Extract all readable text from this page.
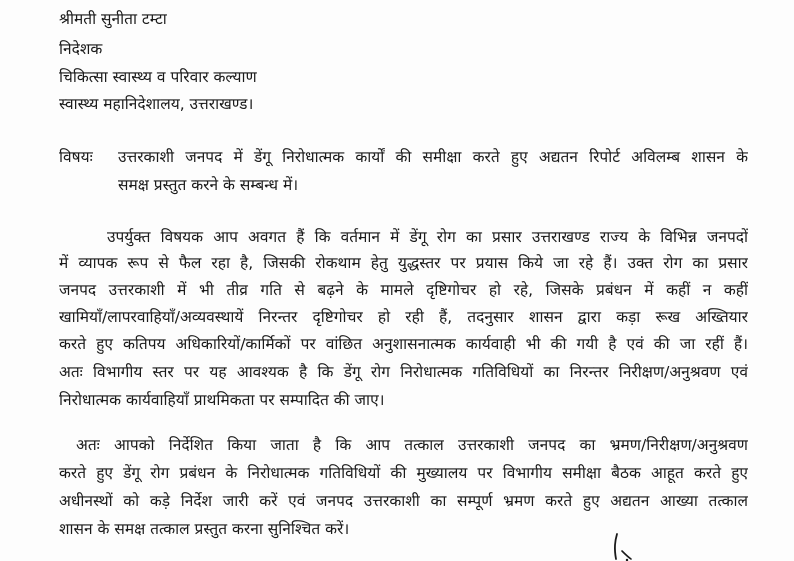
श्रीमती सुनीता टम्टा
निदेशक
चिकित्सा स्वास्थ्य व परिवार कल्याण
स्वास्थ्य महानिदेशालय, उत्तराखण्ड।
विषयः उत्तरकाशी जनपद में डेंगू निरोधात्मक कार्यों की समीक्षा करते हुए अद्यतन रिपोर्ट अविलम्ब शासन के
समक्ष प्रस्तुत करने के सम्बन्ध में।
उपर्युक्त विषयक आप अवगत हैं कि वर्तमान में डेंगू रोग का प्रसार उत्तराखण्ड राज्य के विभिन्न जनपदों
में व्यापक रूप से फैल रहा है, जिसकी रोकथाम हेतु युद्धस्तर पर प्रयास किये जा रहे हैं। उक्त रोग का प्रसार
जनपद उत्तरकाशी में भी तीव्र गति से बढ़ने के मामले दृष्टिगोचर हो रहे, जिसके प्रबंधन में कहीं न कहीं
खामियाँ/लापरवाहियाँ/अव्यवस्थायें निरन्तर दृष्टिगोचर हो रही हैं, तदनुसार शासन द्वारा कड़ा रूख अख्तियार
करते हुए कतिपय अधिकारियों/कार्मिकों पर वांछित अनुशासनात्मक कार्यवाही भी की गयी है एवं की जा रहीं हैं।
अतः विभागीय स्तर पर यह आवश्यक है कि डेंगू रोग निरोधात्मक गतिविधियों का निरन्तर निरीक्षण/अनुश्रवण एवं
निरोधात्मक कार्यवाहियाँ प्राथमिकता पर सम्पादित की जाए।
अतः आपको निर्देशित किया जाता है कि आप तत्काल उत्तरकाशी जनपद का भ्रमण/निरीक्षण/अनुश्रवण
करते हुए डेंगू रोग प्रबंधन के निरोधात्मक गतिविधियों की मुख्यालय पर विभागीय समीक्षा बैठक आहूत करते हुए
अधीनस्थों को कड़े निर्देश जारी करें एवं जनपद उत्तरकाशी का सम्पूर्ण भ्रमण करते हुए अद्यतन आख्या तत्काल
शासन के समक्ष तत्काल प्रस्तुत करना सुनिश्चित करें।
